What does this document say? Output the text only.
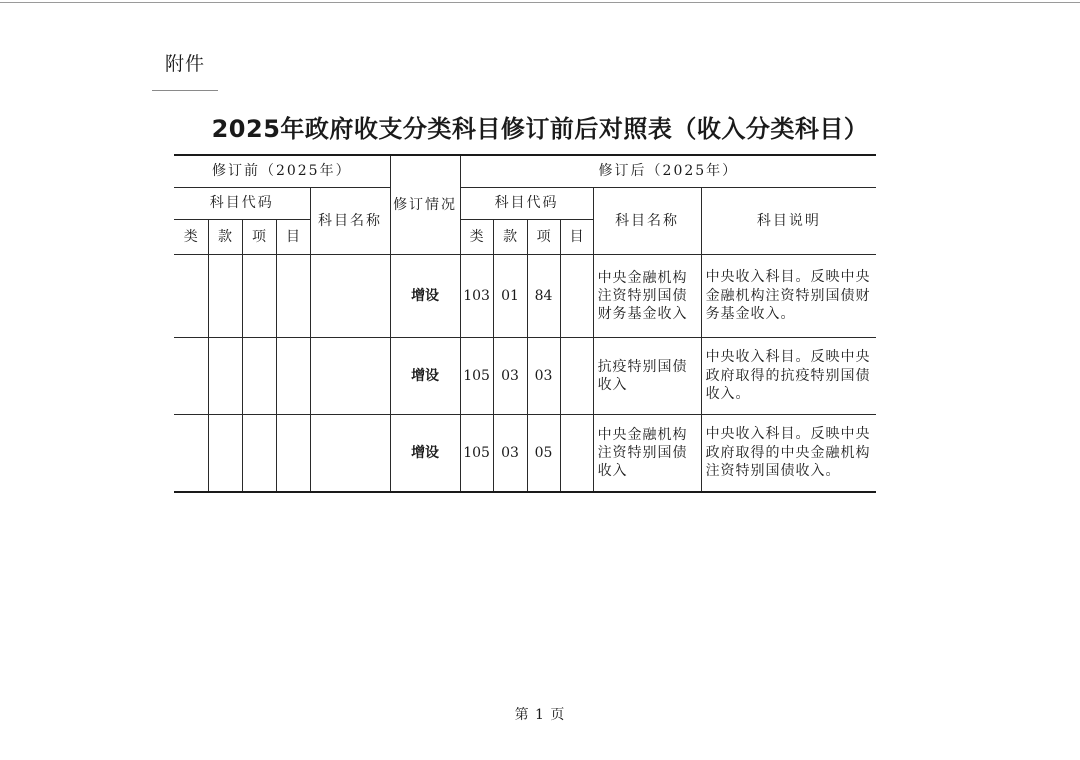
附件
2025年政府收支分类科目修订前后对照表（收入分类科目）
修订前（2025年）					修订情况	修订后（2025年）					
科目代码				科目名称		科目代码				科目名称	科目说明
类	款	项	目			类	款	项	目		
					增设	103	01	84		中央金融机构注资特别国债财务基金收入	中央收入科目。反映中央金融机构注资特别国债财务基金收入。
					增设	105	03	03		抗疫特别国债收入	中央收入科目。反映中央政府取得的抗疫特别国债收入。
					增设	105	03	05		中央金融机构注资特别国债收入	中央收入科目。反映中央政府取得的中央金融机构注资特别国债收入。
第 1 页
